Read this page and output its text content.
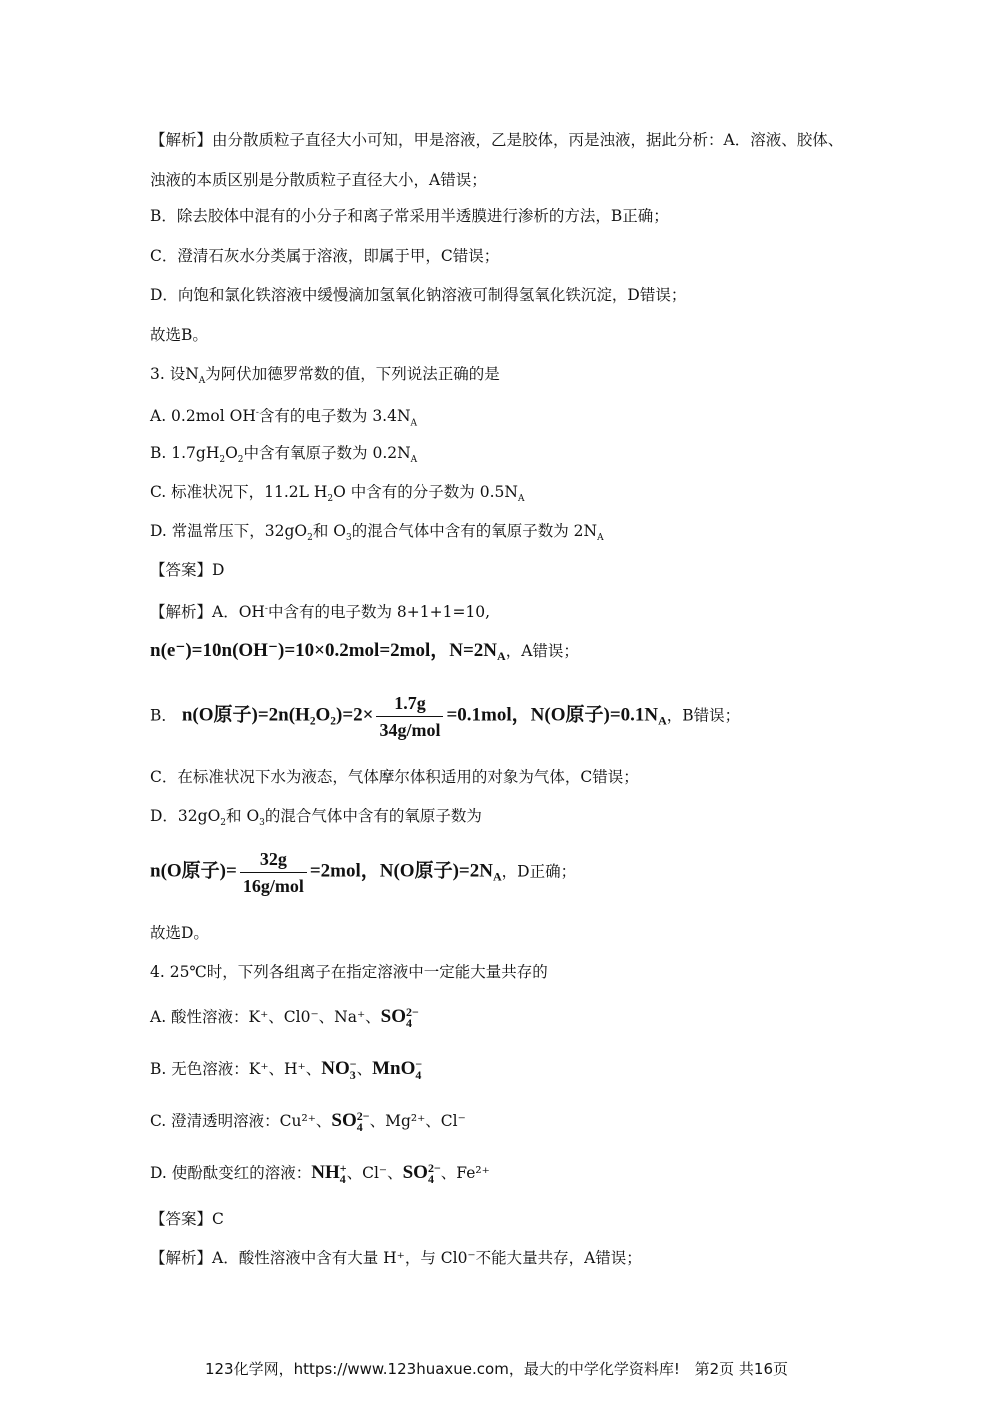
【解析】由分散质粒子直径大小可知，甲是溶液，乙是胶体，丙是浊液，据此分析：A．溶液、胶体、浊液的本质区别是分散质粒子直径大小，A错误；
B．除去胶体中混有的小分子和离子常采用半透膜进行渗析的方法，B正确；
C．澄清石灰水分类属于溶液，即属于甲，C错误；
D．向饱和氯化铁溶液中缓慢滴加氢氧化钠溶液可制得氢氧化铁沉淀，D错误；
故选B。
3. 设$N_A$为阿伏加德罗常数的值，下列说法正确的是
A. 0.2mol OH-含有的电子数为 $3.4N_A$
B. $1.7gH_2O_2$中含有氧原子数为 $0.2N_A$
C. 标准状况下，11.2L $H_2O$ 中含有的分子数为 $0.5N_A$
D. 常温常压下，$32gO_2$和 $O_3$的混合气体中含有的氧原子数为 $2N_A$
【答案】D
【解析】A．OH-中含有的电子数为 8+1+1=10,
n(e⁻)=10n(OH⁻)=10×0.2mol=2mol，$N=2N_A$，A错误；
B． n(O原子)$=2n(H_2O_2)=2\times \frac{1.7g}{\text{34g/mol}} =0.1mol$，N(O原子)$=0.1N_A$，B错误；
C．在标准状况下水为液态，气体摩尔体积适用的对象为气体，C错误；
D．$32gO_2$和 $O_3$的混合气体中含有的氧原子数为
n(O原子)= $\frac{32g}{\text{16g/mol}} =2mol$，N(O原子)$=2N_A$，D正确；
故选D。
4. 25℃时，下列各组离子在指定溶液中一定能大量共存的
A. 酸性溶液：K⁺、Cl0⁻、Na⁺、SO 2−
4
B. 无色溶液：K⁺、H⁺、NO −
3 、MnO −
4
C. 澄清透明溶液：Cu²⁺、SO 2−
4 、Mg²⁺、Cl⁻
D. 使酚酞变红的溶液：NH +
4 、Cl⁻、SO 2−
4 、Fe²⁺
【答案】C
【解析】A．酸性溶液中含有大量 H⁺，与 Cl0⁻不能大量共存，A错误；
123化学网，https://www.123huaxue.com，最大的中学化学资料库! 第2页 共16页
